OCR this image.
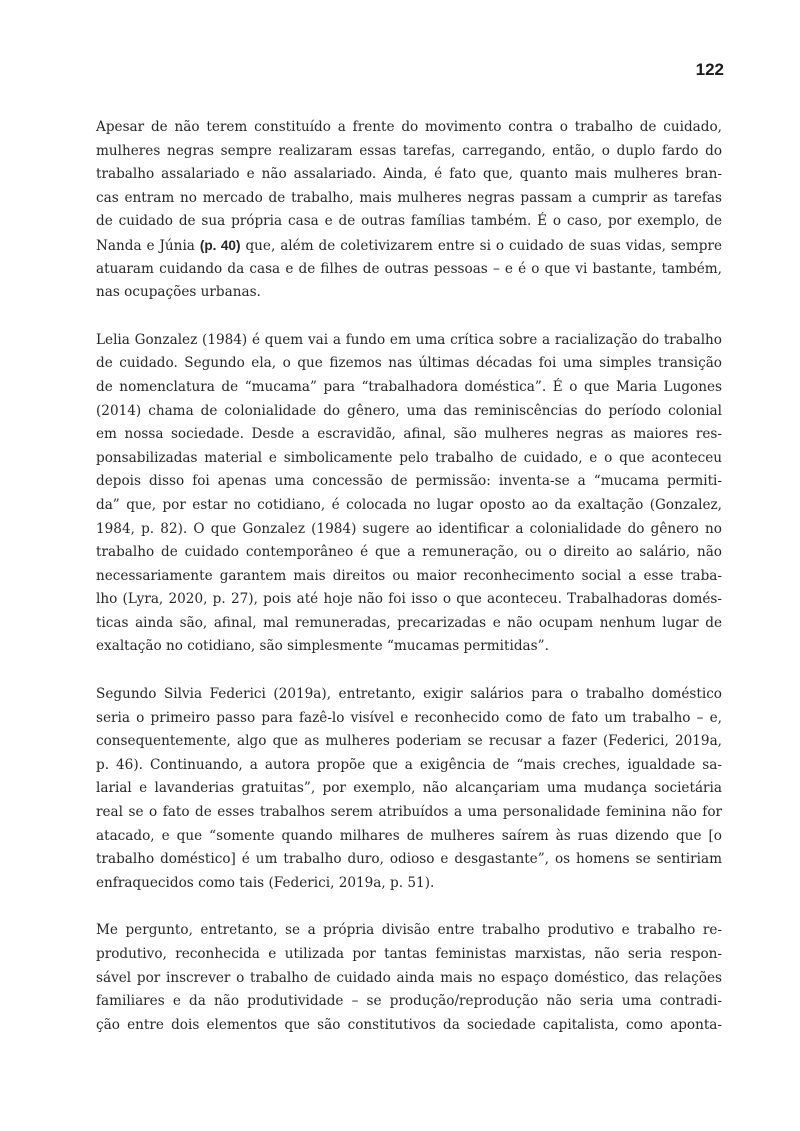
122
Apesar de não terem constituído a frente do movimento contra o trabalho de cuidado,
mulheres negras sempre realizaram essas tarefas, carregando, então, o duplo fardo do
trabalho assalariado e não assalariado. Ainda, é fato que, quanto mais mulheres bran-
cas entram no mercado de trabalho, mais mulheres negras passam a cumprir as tarefas
de cuidado de sua própria casa e de outras famílias também. É o caso, por exemplo, de
Nanda e Júnia (p. 40) que, além de coletivizarem entre si o cuidado de suas vidas, sempre
atuaram cuidando da casa e de filhes de outras pessoas – e é o que vi bastante, também,
nas ocupações urbanas.
Lelia Gonzalez (1984) é quem vai a fundo em uma crítica sobre a racialização do trabalho
de cuidado. Segundo ela, o que fizemos nas últimas décadas foi uma simples transição
de nomenclatura de “mucama” para “trabalhadora doméstica”. É o que Maria Lugones
(2014) chama de colonialidade do gênero, uma das reminiscências do período colonial
em nossa sociedade. Desde a escravidão, afinal, são mulheres negras as maiores res-
ponsabilizadas material e simbolicamente pelo trabalho de cuidado, e o que aconteceu
depois disso foi apenas uma concessão de permissão: inventa-se a “mucama permiti-
da” que, por estar no cotidiano, é colocada no lugar oposto ao da exaltação (Gonzalez,
1984, p. 82). O que Gonzalez (1984) sugere ao identificar a colonialidade do gênero no
trabalho de cuidado contemporâneo é que a remuneração, ou o direito ao salário, não
necessariamente garantem mais direitos ou maior reconhecimento social a esse traba-
lho (Lyra, 2020, p. 27), pois até hoje não foi isso o que aconteceu. Trabalhadoras domés-
ticas ainda são, afinal, mal remuneradas, precarizadas e não ocupam nenhum lugar de
exaltação no cotidiano, são simplesmente “mucamas permitidas”.
Segundo Silvia Federici (2019a), entretanto, exigir salários para o trabalho doméstico
seria o primeiro passo para fazê-lo visível e reconhecido como de fato um trabalho – e,
consequentemente, algo que as mulheres poderiam se recusar a fazer (Federici, 2019a,
p. 46). Continuando, a autora propõe que a exigência de “mais creches, igualdade sa-
larial e lavanderias gratuitas”, por exemplo, não alcançariam uma mudança societária
real se o fato de esses trabalhos serem atribuídos a uma personalidade feminina não for
atacado, e que “somente quando milhares de mulheres saírem às ruas dizendo que [o
trabalho doméstico] é um trabalho duro, odioso e desgastante”, os homens se sentiriam
enfraquecidos como tais (Federici, 2019a, p. 51).
Me pergunto, entretanto, se a própria divisão entre trabalho produtivo e trabalho re-
produtivo, reconhecida e utilizada por tantas feministas marxistas, não seria respon-
sável por inscrever o trabalho de cuidado ainda mais no espaço doméstico, das relações
familiares e da não produtividade – se produção/reprodução não seria uma contradi-
ção entre dois elementos que são constitutivos da sociedade capitalista, como aponta-
